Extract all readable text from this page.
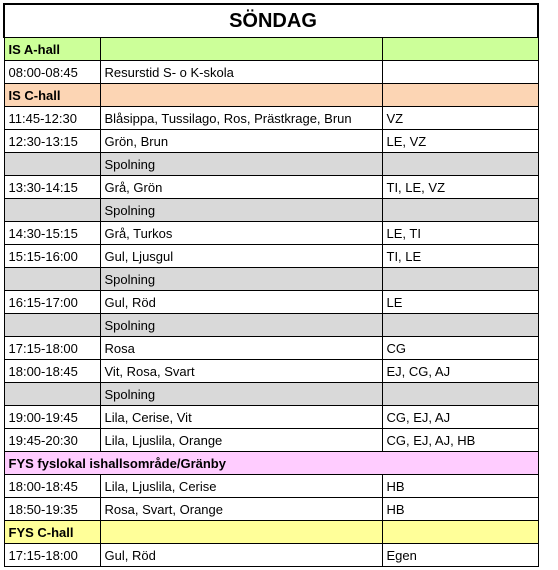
SÖNDAG		
IS A-hall		
08:00-08:45	Resurstid S- o K-skola	
IS C-hall		
11:45-12:30	Blåsippa, Tussilago, Ros, Prästkrage, Brun	VZ
12:30-13:15	Grön, Brun	LE, VZ
	Spolning	
13:30-14:15	Grå, Grön	TI, LE, VZ
	Spolning	
14:30-15:15	Grå, Turkos	LE, TI
15:15-16:00	Gul, Ljusgul	TI, LE
	Spolning	
16:15-17:00	Gul, Röd	LE
	Spolning	
17:15-18:00	Rosa	CG
18:00-18:45	Vit, Rosa, Svart	EJ, CG, AJ
	Spolning	
19:00-19:45	Lila, Cerise, Vit	CG, EJ, AJ
19:45-20:30	Lila, Ljuslila, Orange	CG, EJ, AJ, HB
FYS fyslokal ishallsområde/Gränby		
18:00-18:45	Lila, Ljuslila, Cerise	HB
18:50-19:35	Rosa, Svart, Orange	HB
FYS C-hall		
17:15-18:00	Gul, Röd	Egen
